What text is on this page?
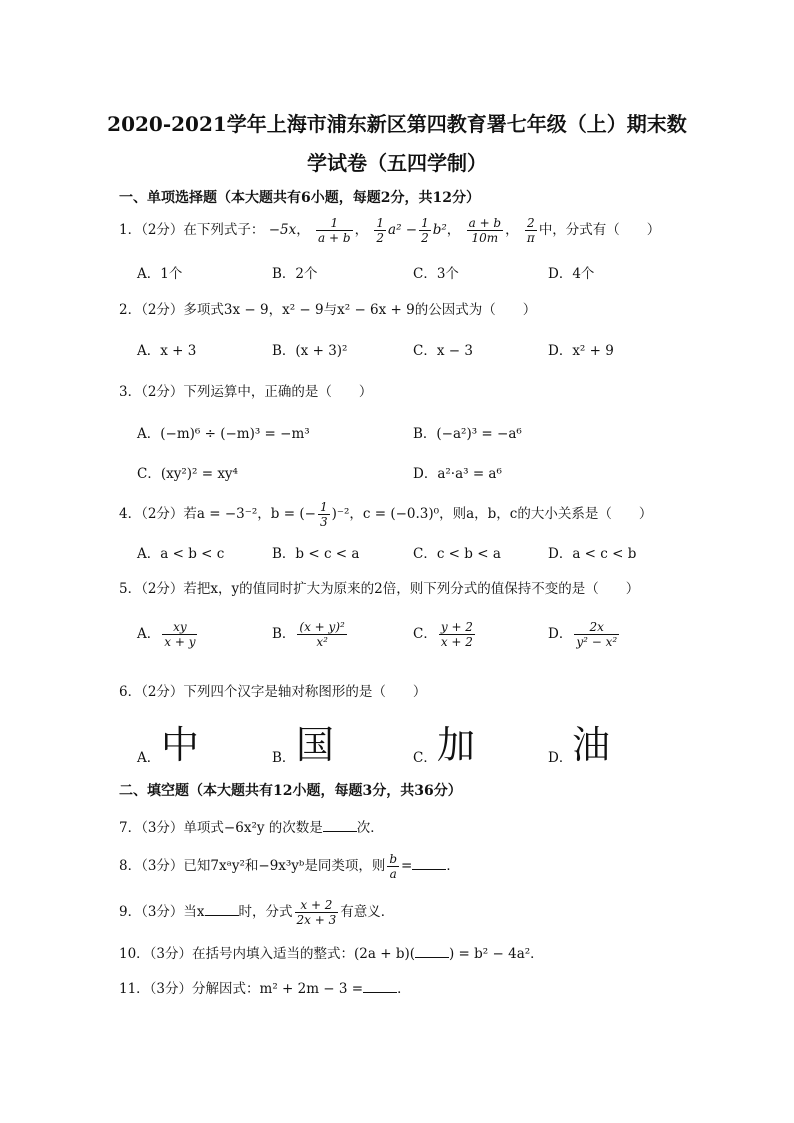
2020-2021学年上海市浦东新区第四教育署七年级（上）期末数
学试卷（五四学制）
一、单项选择题（本大题共有6小题，每题2分，共12分）
1．（2分）在下列式子： −5x， $\frac{1}{a + b}$ ， $\frac{1}{2} a^2 - \frac{1}{2} b^2$， $\frac{a + b}{10m}$ ， $\frac{2}{\pi}$ 中，分式有（　　）
A．1个	B．2个	C．3个	D．4个
2．（2分）多项式3x − 9，x² − 9与x² − 6x + 9的公因式为（　　）
A．x + 3	B．(x + 3)²	C．x − 3	D．x² + 9
3．（2分）下列运算中，正确的是（　　）
A．(−m)⁶ ÷ (−m)³ = −m³	B．(−a²)³ = −a⁶
C．(xy²)² = xy⁴	D．a²·a³ = a⁶
4．（2分）若a = −3⁻²，b = (− $\frac{1}{3} )^{-2}$，c = (−0.3)⁰，则a，b，c的大小关系是（　　）
A．a < b < c	B．b < c < a	C．c < b < a	D．a < c < b
5．（2分）若把x，y的值同时扩大为原来的2倍，则下列分式的值保持不变的是（　　）
A． $\frac{xy}{x + y}$	B． $\frac{\text{(x + y)²}}{\text{x²}}$	C． $\frac{y + 2}{x + 2}$	D． $\frac{2x}{\text{y² − x²}}$
6．（2分）下列四个汉字是轴对称图形的是（　　）
A． 中	B． 国	C． 加	D． 油
二、填空题（本大题共有12小题，每题3分，共36分）
7．（3分）单项式−6x²y 的次数是	次．
8．（3分）已知7xᵃy²和−9x³yᵇ是同类项，则 $\frac{b}{a}$ =	．
9．（3分）当x	时，分式 $\frac{x + 2}{2x + 3}$ 有意义．
10．（3分）在括号内填入适当的整式：(2a + b)(	) = b² − 4a²．
11．（3分）分解因式：m² + 2m − 3 =	．
